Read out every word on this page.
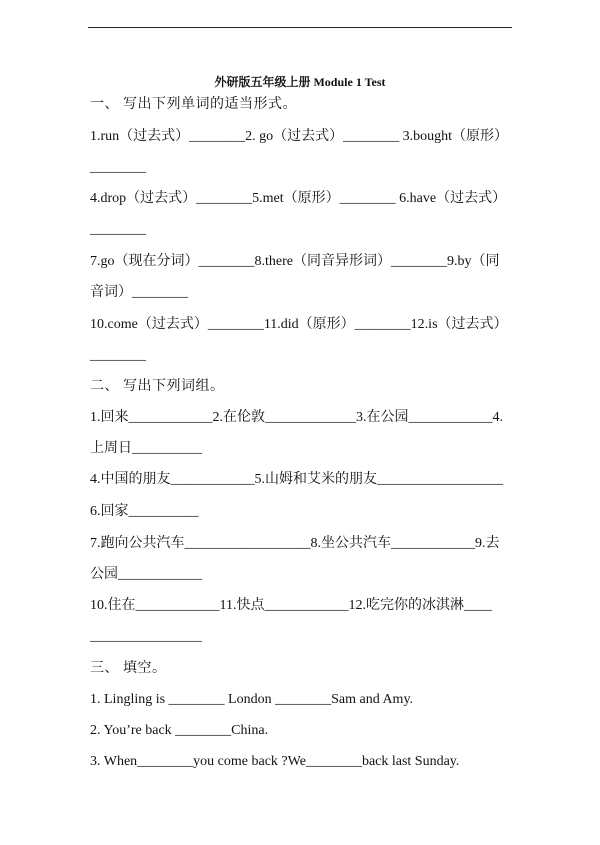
外研版五年级上册 Module 1 Test
一、 写出下列单词的适当形式。
1.run（过去式）________2. go（过去式）________ 3.bought（原形）
________
4.drop（过去式）________5.met（原形）________ 6.have（过去式）
________
7.go（现在分词）________8.there（同音异形词）________9.by（同
音词）________
10.come（过去式）________11.did（原形）________12.is（过去式）
________
二、 写出下列词组。
1.回来____________2.在伦敦_____________3.在公园____________4.
上周日__________
4.中国的朋友____________5.山姆和艾米的朋友__________________
6.回家__________
7.跑向公共汽车__________________8.坐公共汽车____________9.去
公园____________
10.住在____________11.快点____________12.吃完你的冰淇淋____
________________
三、 填空。
1. Lingling is ________ London ________Sam and Amy.
2. You’re back ________China.
3. When________you come back ?We________back last Sunday.
